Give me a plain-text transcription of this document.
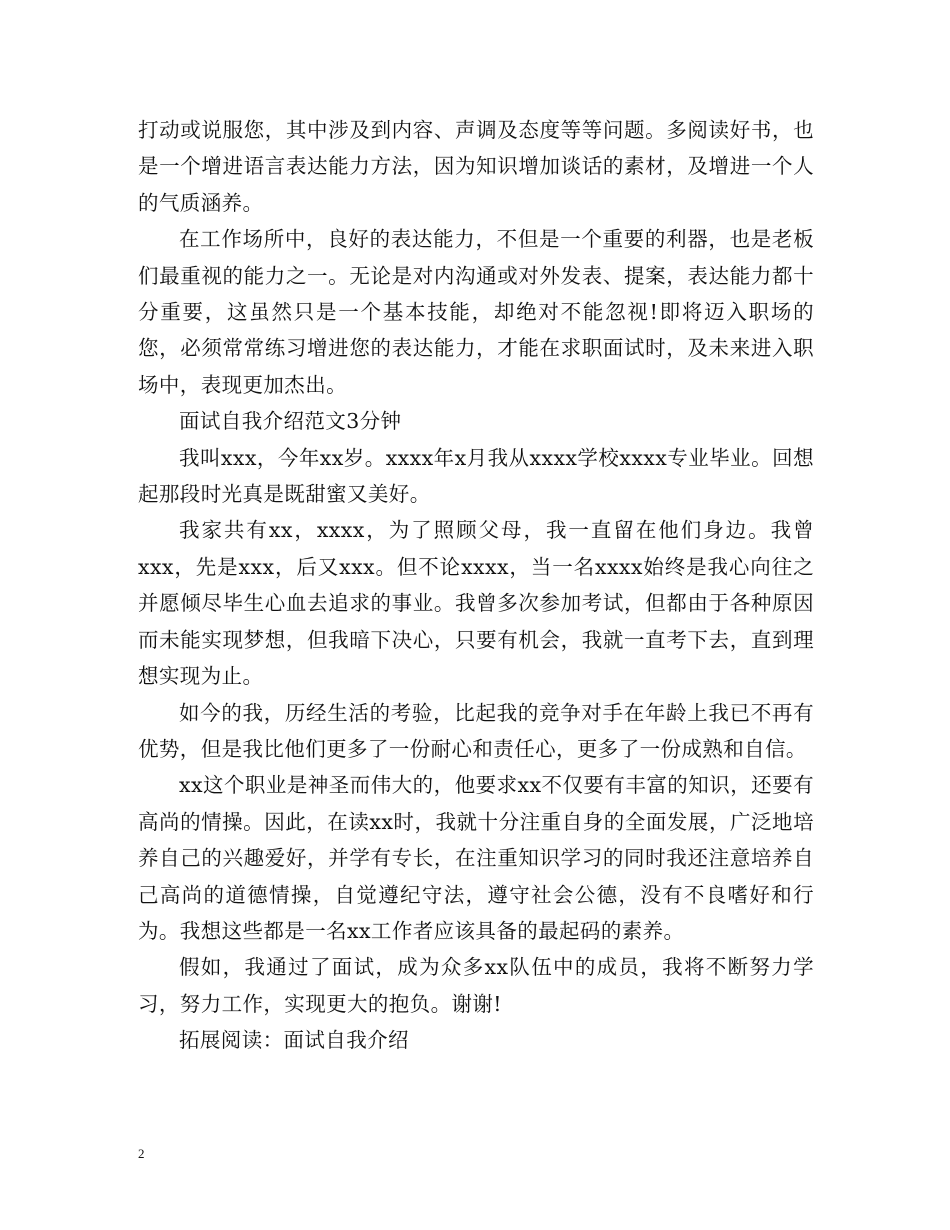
打动或说服您，其中涉及到内容、声调及态度等等问题。多阅读好书，也是一个增进语言表达能力方法，因为知识增加谈话的素材，及增进一个人的气质涵养。

在工作场所中，良好的表达能力，不但是一个重要的利器，也是老板们最重视的能力之一。无论是对内沟通或对外发表、提案，表达能力都十分重要，这虽然只是一个基本技能，却绝对不能忽视!即将迈入职场的您，必须常常练习增进您的表达能力，才能在求职面试时，及未来进入职场中，表现更加杰出。

面试自我介绍范文3分钟

我叫xxx，今年xx岁。xxxx年x月我从xxxx学校xxxx专业毕业。回想起那段时光真是既甜蜜又美好。

我家共有xx，xxxx，为了照顾父母，我一直留在他们身边。我曾xxx，先是xxx，后又xxx。但不论xxxx，当一名xxxx始终是我心向往之并愿倾尽毕生心血去追求的事业。我曾多次参加考试，但都由于各种原因而未能实现梦想，但我暗下决心，只要有机会，我就一直考下去，直到理想实现为止。

如今的我，历经生活的考验，比起我的竞争对手在年龄上我已不再有优势，但是我比他们更多了一份耐心和责任心，更多了一份成熟和自信。

xx这个职业是神圣而伟大的，他要求xx不仅要有丰富的知识，还要有高尚的情操。因此，在读xx时，我就十分注重自身的全面发展，广泛地培养自己的兴趣爱好，并学有专长，在注重知识学习的同时我还注意培养自己高尚的道德情操，自觉遵纪守法，遵守社会公德，没有不良嗜好和行为。我想这些都是一名xx工作者应该具备的最起码的素养。

假如，我通过了面试，成为众多xx队伍中的成员，我将不断努力学习，努力工作，实现更大的抱负。谢谢!

拓展阅读：面试自我介绍

2
